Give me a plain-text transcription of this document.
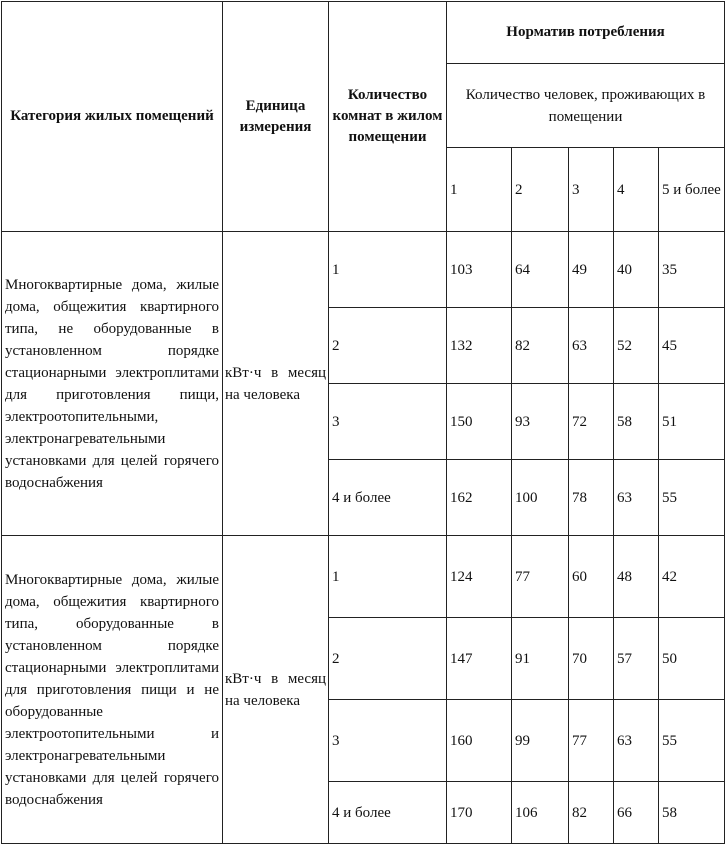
Категория жилых помещений	Единица измерения	Количество комнат в жилом помещении	Норматив потребления				
			Количество человек, проживающих в помещении				
			1	2	3	4	5 и более
Многоквартирные дома, жилые дома, общежития квартирного типа, не оборудованные в установленном порядке стационарными электроплитами для приготовления пищи, электроотопительными, электронагревательными установками для целей горячего водоснабжения	кВт·ч в месяц на человека	1	103	64	49	40	35
		2	132	82	63	52	45
		3	150	93	72	58	51
		4 и более	162	100	78	63	55
Многоквартирные дома, жилые дома, общежития квартирного типа, оборудованные в установленном порядке стационарными электроплитами для приготовления пищи и не оборудованные электроотопительными и электронагревательными установками для целей горячего водоснабжения	кВт·ч в месяц на человека	1	124	77	60	48	42
		2	147	91	70	57	50
		3	160	99	77	63	55
		4 и более	170	106	82	66	58
